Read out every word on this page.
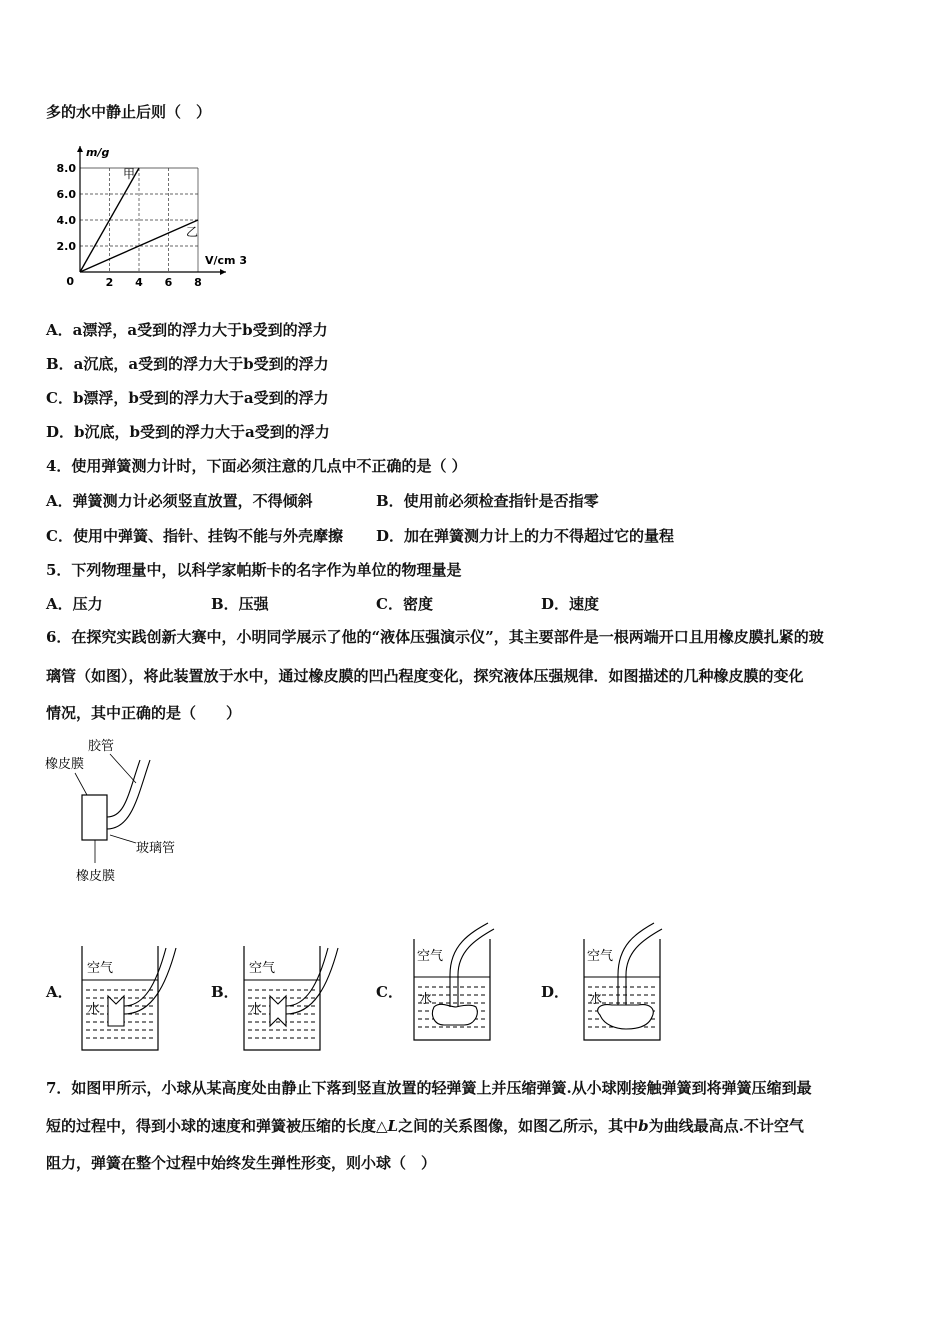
多的水中静止后则（　）
2 4 6 8
2.0
4.0
6.0
8.0
0
m/g
V/cm 3
甲
乙
A．a漂浮，a受到的浮力大于b受到的浮力
B．a沉底，a受到的浮力大于b受到的浮力
C．b漂浮，b受到的浮力大于a受到的浮力
D．b沉底，b受到的浮力大于a受到的浮力
4．使用弹簧测力计时，下面必须注意的几点中不正确的是（ ）
A．弹簧测力计必须竖直放置，不得倾斜	B．使用前必须检查指针是否指零
C．使用中弹簧、指针、挂钩不能与外壳摩擦 D．加在弹簧测力计上的力不得超过它的量程
5．下列物理量中，以科学家帕斯卡的名字作为单位的物理量是
A．压力	B．压强	C．密度	D．速度
6．在探究实践创新大赛中，小明同学展示了他的“液体压强演示仪”，其主要部件是一根两端开口且用橡皮膜扎紧的玻
璃管（如图），将此装置放于水中，通过橡皮膜的凹凸程度变化，探究液体压强规律．如图描述的几种橡皮膜的变化
情况，其中正确的是（　　）
胶管
橡皮膜
玻璃管
橡皮膜
A．
空气
水
B．
空气
水
C．
空气
水	D．
空气
水
7．如图甲所示，小球从某高度处由静止下落到竖直放置的轻弹簧上并压缩弹簧.从小球刚接触弹簧到将弹簧压缩到最
短的过程中，得到小球的速度和弹簧被压缩的长度△L之间的关系图像，如图乙所示，其中b为曲线最高点.不计空气
阻力，弹簧在整个过程中始终发生弹性形变，则小球（　）
